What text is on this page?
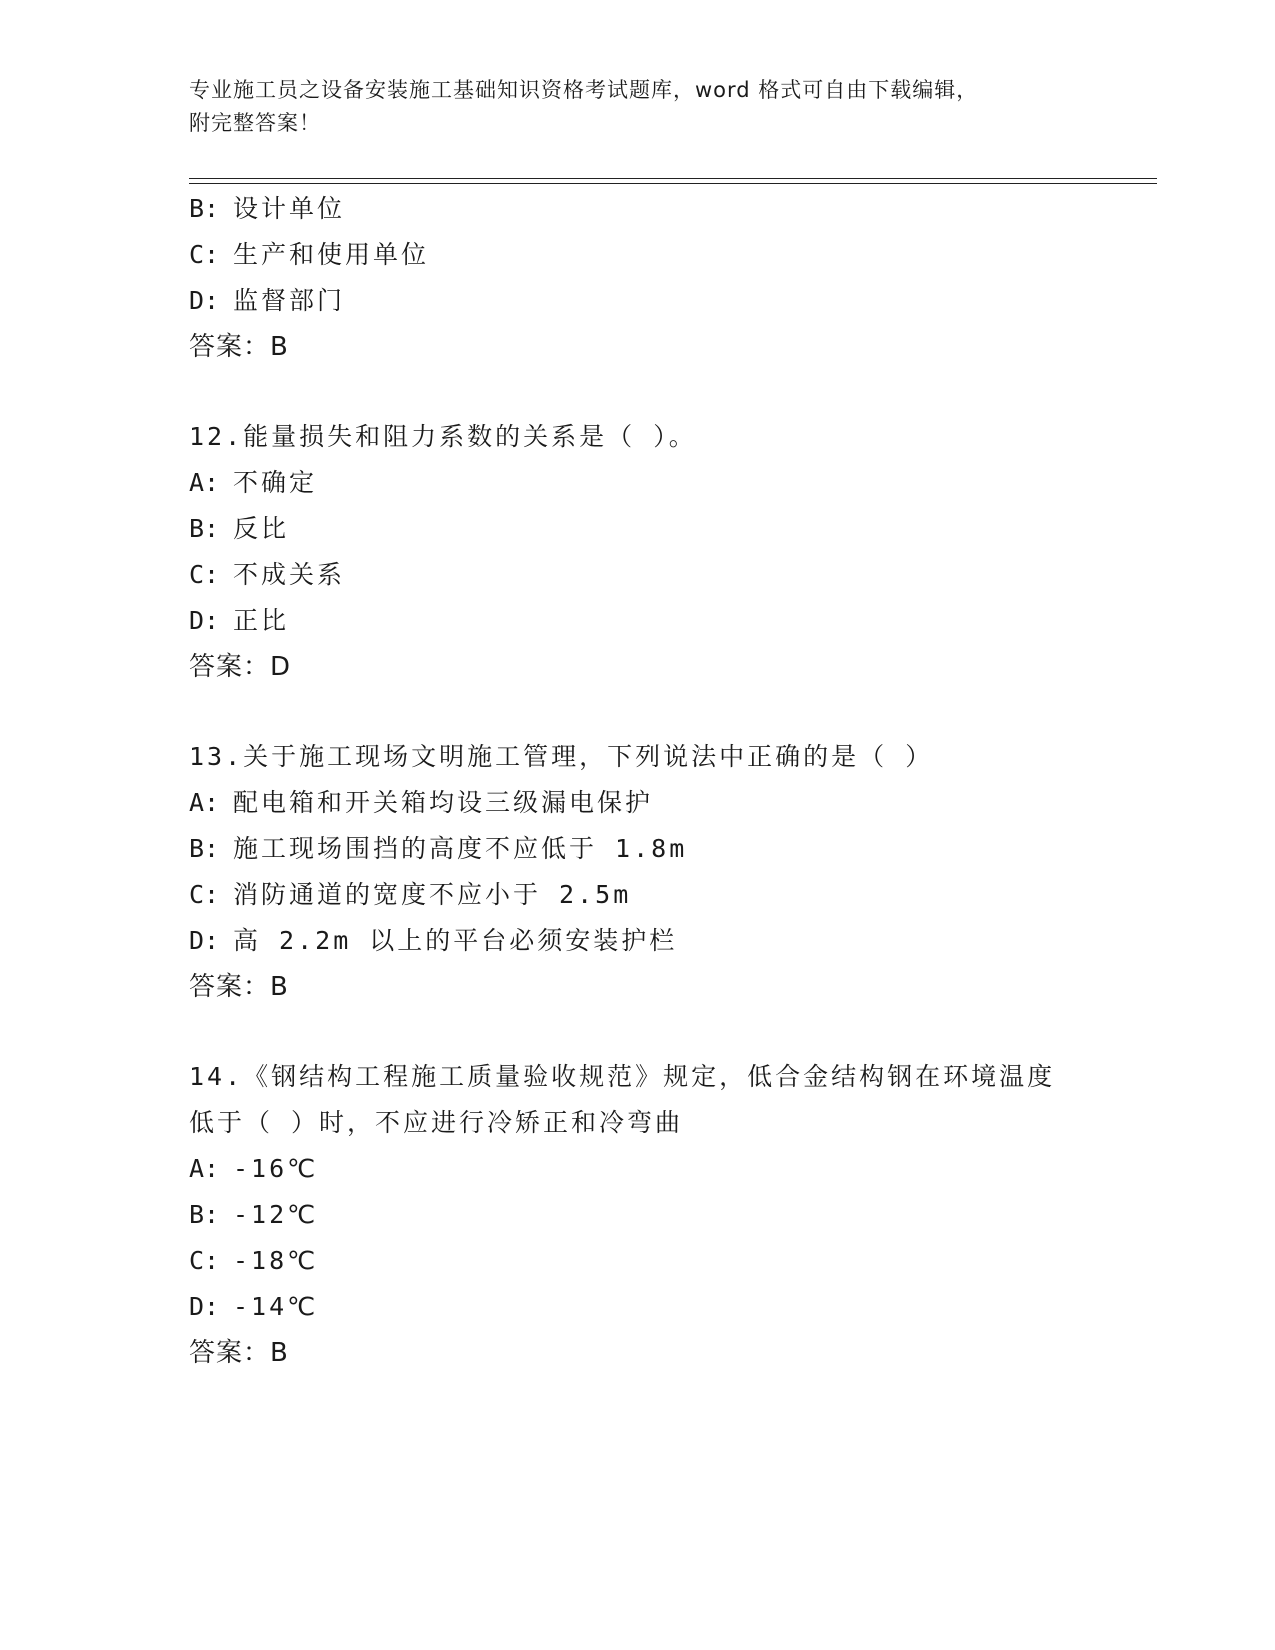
专业施工员之设备安装施工基础知识资格考试题库，word 格式可自由下载编辑，
附完整答案！

B: 设计单位
C: 生产和使用单位
D: 监督部门
答案：B
12.能量损失和阻力系数的关系是（ ）。
A: 不确定
B: 反比
C: 不成关系
D: 正比
答案：D
13.关于施工现场文明施工管理，下列说法中正确的是（ ）
A: 配电箱和开关箱均设三级漏电保护
B: 施工现场围挡的高度不应低于 1.8m
C: 消防通道的宽度不应小于 2.5m
D: 高 2.2m 以上的平台必须安装护栏
答案：B
14.《钢结构工程施工质量验收规范》规定，低合金结构钢在环境温度
低于（ ）时，不应进行冷矫正和冷弯曲
A: -16℃
B: -12℃
C: -18℃
D: -14℃
答案：B
